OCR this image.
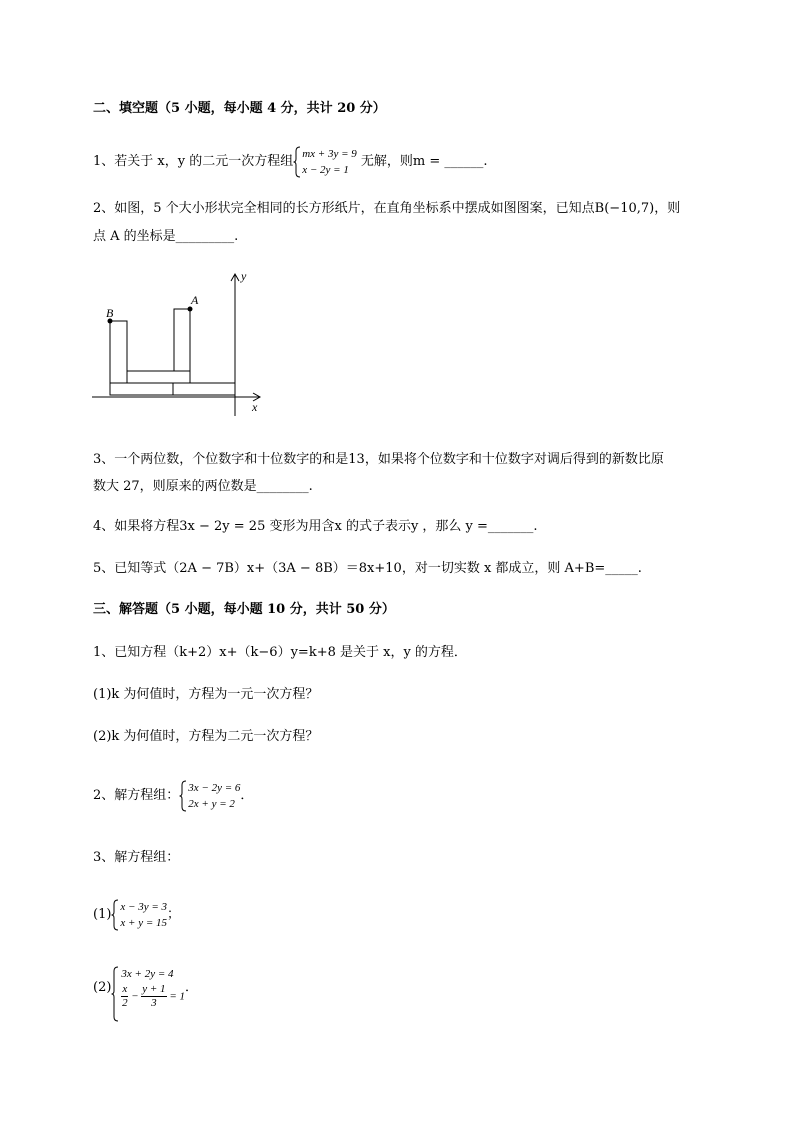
二、填空题（5 小题，每小题 4 分，共计 20 分）
1、若关于 x，y 的二元一次方程组 mx + 3y = 9
x − 2y = 1
无解，则m = ______.
2、如图，5 个大小形状完全相同的长方形纸片，在直角坐标系中摆成如图图案，已知点B(−10,7)，则
点 A 的坐标是_________.
y
x
B
A
3、一个两位数，个位数字和十位数字的和是13，如果将个位数字和十位数字对调后得到的新数比原
数大 27，则原来的两位数是________.
4、如果将方程3x − 2y = 25 变形为用含x 的式子表示y ，那么 y =_______.
5、已知等式（2A − 7B）x+（3A − 8B）＝8x+10，对一切实数 x 都成立，则 A+B=_____.
三、解答题（5 小题，每小题 10 分，共计 50 分）
1、已知方程（k+2）x+（k−6）y=k+8 是关于 x，y 的方程．
(1)k 为何值时，方程为一元一次方程？
(2)k 为何值时，方程为二元一次方程？
2、解方程组： 3x − 2y = 6
2x + y = 2
．
3、解方程组：
(1) x − 3y = 3
x + y = 15
；
(2)
3x + 2y = 4
$\frac{x}{2} - \frac{y + 1}{3} = 1$
．
